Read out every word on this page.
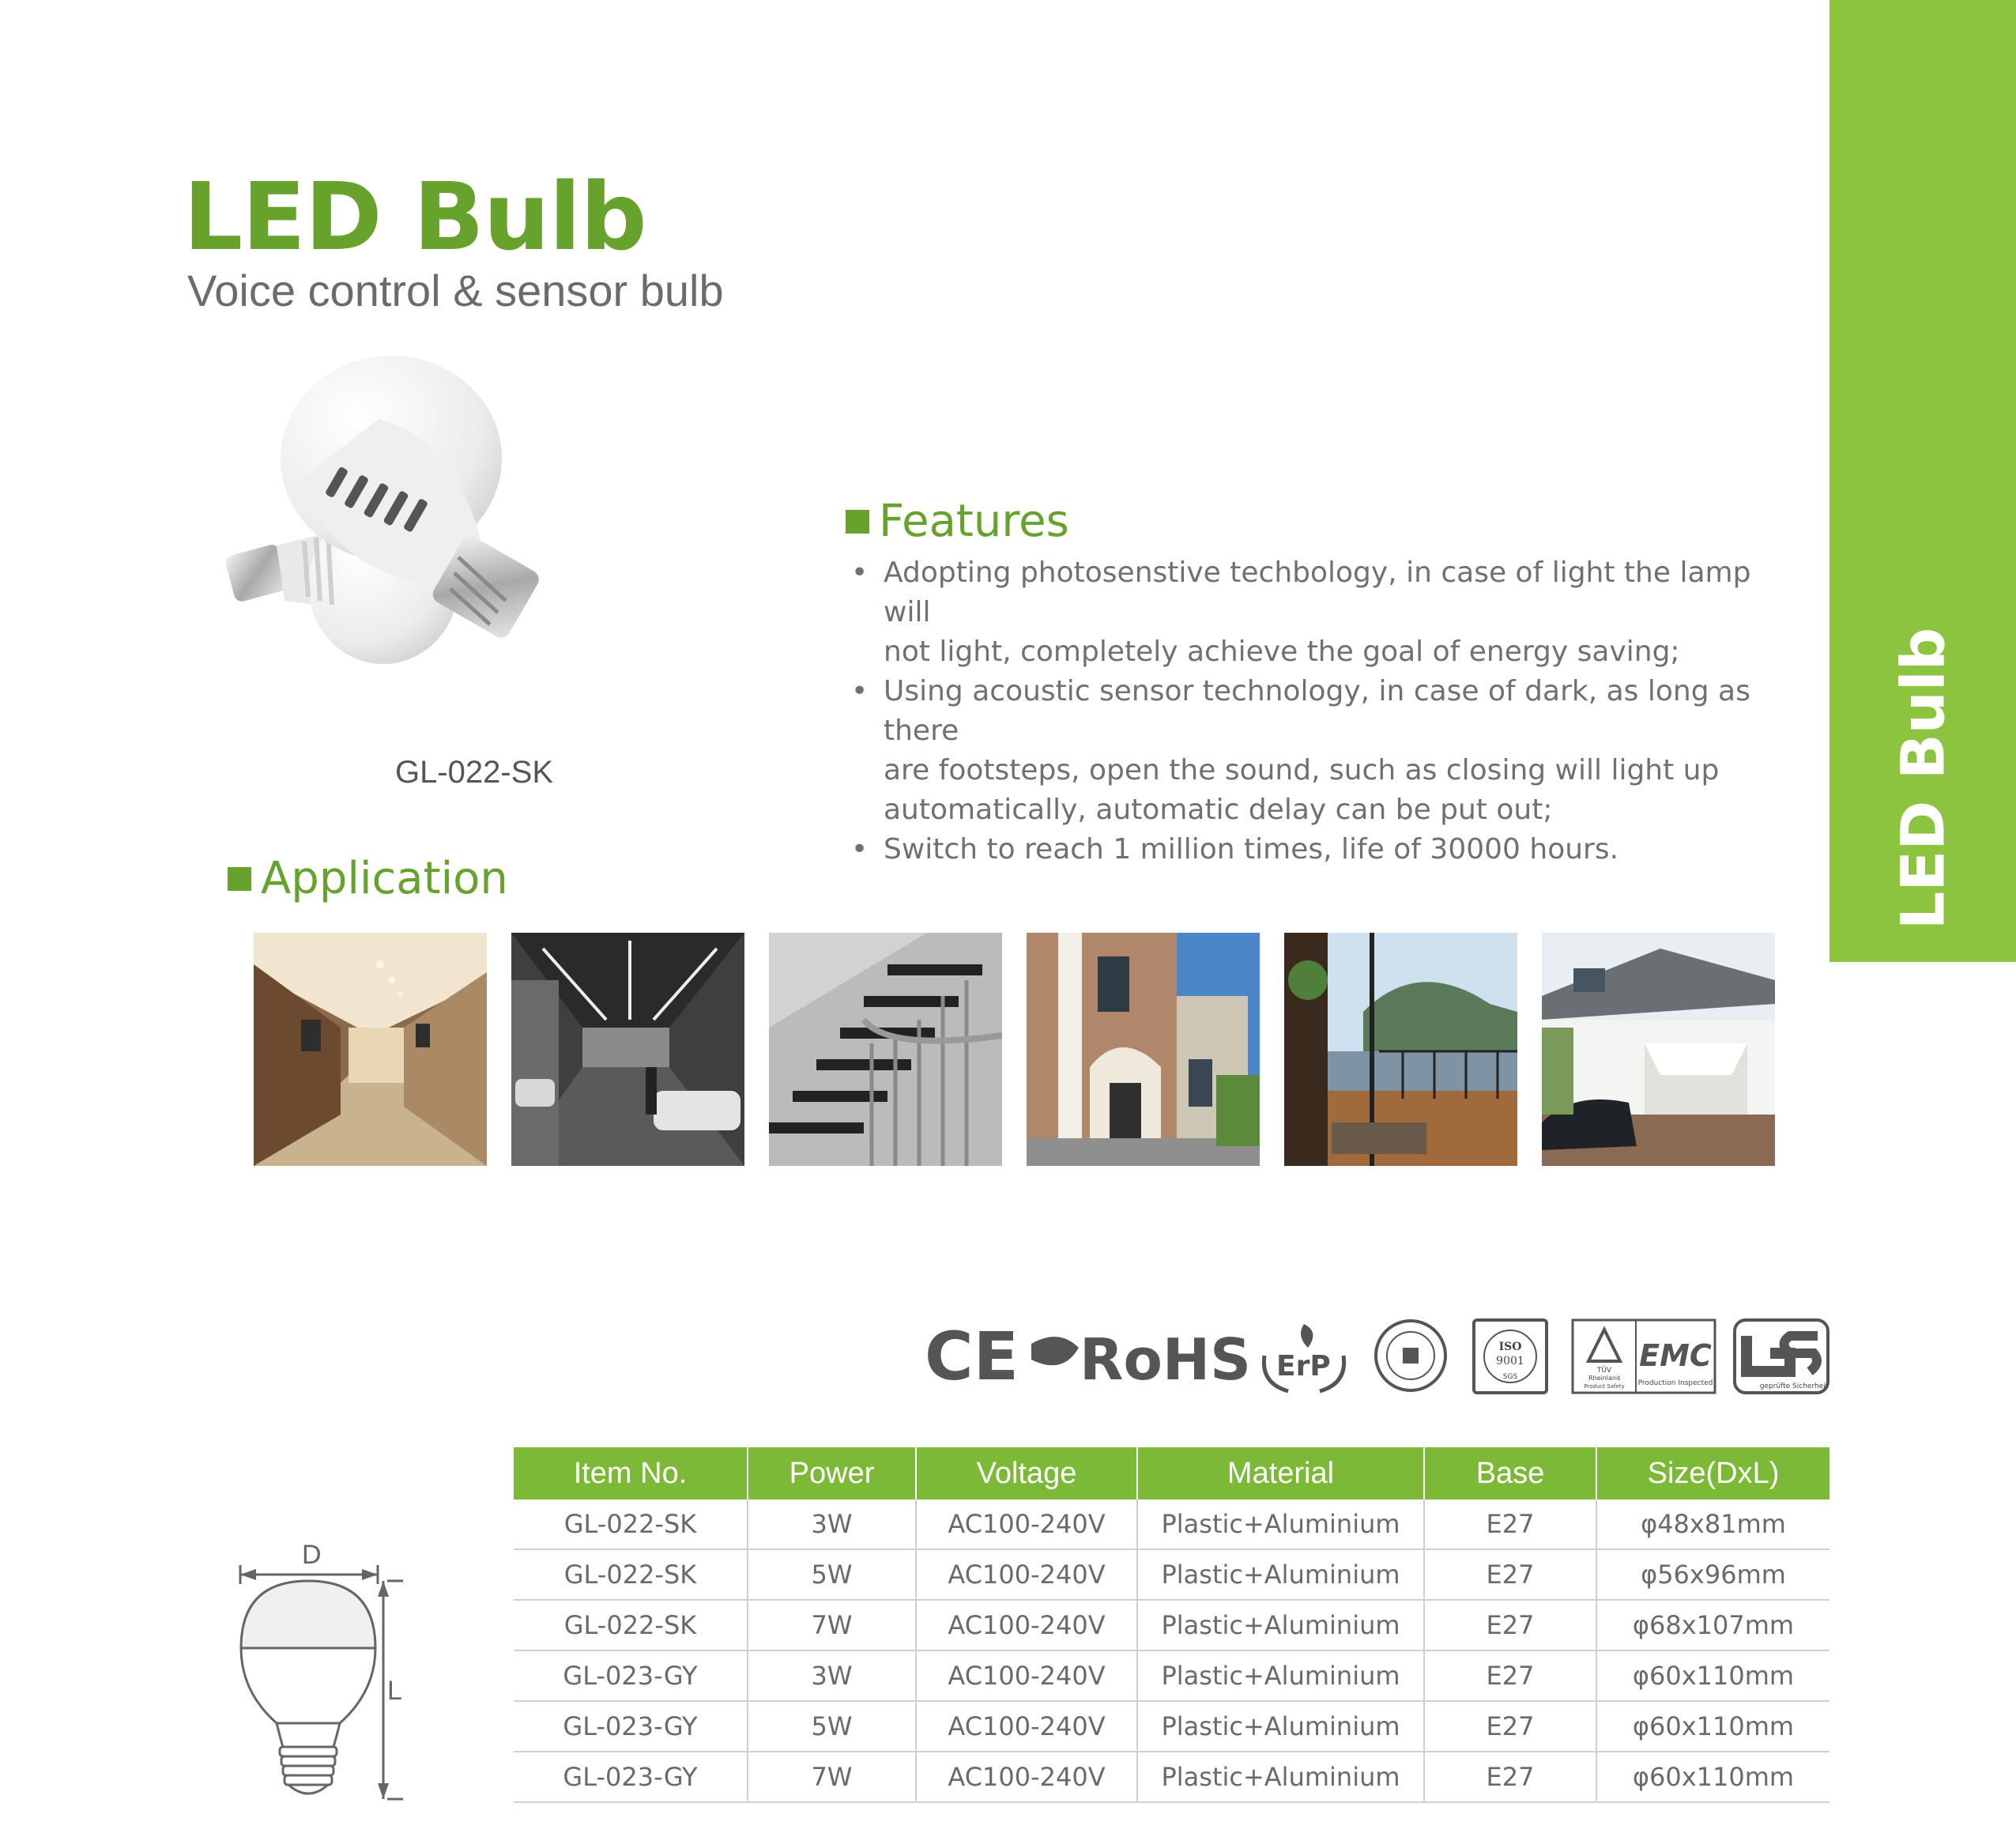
LED Bulb
LED Bulb
Voice control & sensor bulb
GL-022-SK
Features
• Adopting photosenstive techbology, in case of light the lamp will
not light, completely achieve the goal of energy saving;
• Using acoustic sensor technology, in case of dark, as long as there
are footsteps, open the sound, such as closing will light up
automatically, automatic delay can be put out;
• Switch to reach 1 million times, life of 30000 hours.
Application
CE RoHS ErP
ISO
9001
SGS
TÜV
Rheinland
Product Safety
EMC
Production Inspected	geprüfte Sicherheit
D
L
Item No.	Power	Voltage	Material	Base	Size(DxL)
GL-022-SK	3W	AC100-240V	Plastic+Aluminium	E27	φ48x81mm
GL-022-SK	5W	AC100-240V	Plastic+Aluminium	E27	φ56x96mm
GL-022-SK	7W	AC100-240V	Plastic+Aluminium	E27	φ68x107mm
GL-023-GY	3W	AC100-240V	Plastic+Aluminium	E27	φ60x110mm
GL-023-GY	5W	AC100-240V	Plastic+Aluminium	E27	φ60x110mm
GL-023-GY	7W	AC100-240V	Plastic+Aluminium	E27	φ60x110mm
